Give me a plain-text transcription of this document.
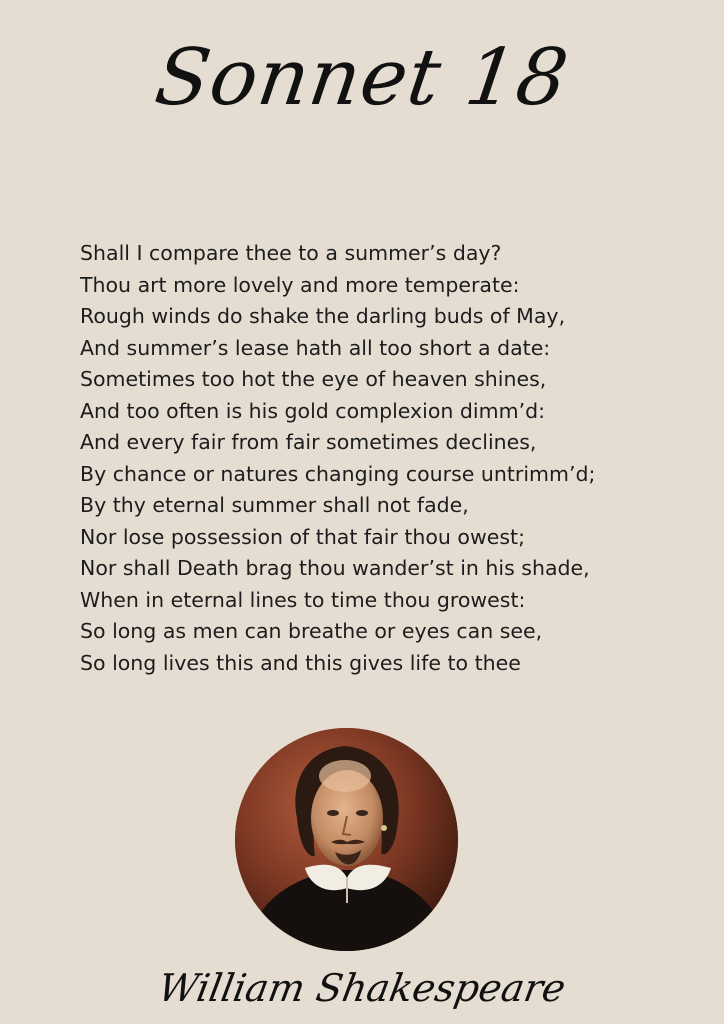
Sonnet 18
Shall I compare thee to a summer’s day?
Thou art more lovely and more temperate:
Rough winds do shake the darling buds of May,
And summer’s lease hath all too short a date:
Sometimes too hot the eye of heaven shines,
And too often is his gold complexion dimm’d:
And every fair from fair sometimes declines,
By chance or natures changing course untrimm’d;
By thy eternal summer shall not fade,
Nor lose possession of that fair thou owest;
Nor shall Death brag thou wander’st in his shade,
When in eternal lines to time thou growest:
So long as men can breathe or eyes can see,
So long lives this and this gives life to thee
William Shakespeare
